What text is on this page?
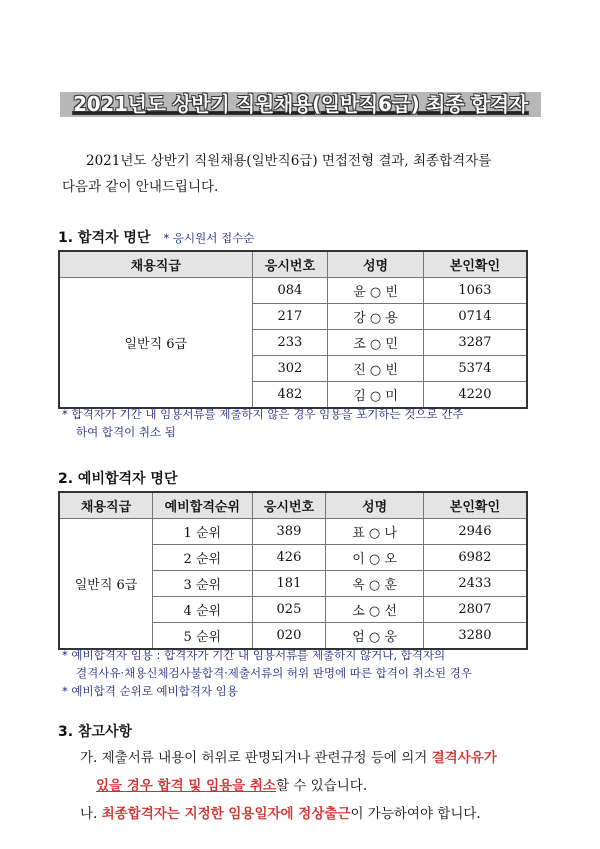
2021년도 상반기 직원채용(일반직6급) 최종 합격자
2021년도 상반기 직원채용(일반직6급) 면접전형 결과, 최종합격자를
다음과 같이 안내드립니다.
1. 합격자 명단 * 응시원서 접수순
채용직급	응시번호	성명	본인확인
일반직 6급	084	윤 ○ 빈	1063
	217	강 ○ 용	0714
	233	조 ○ 민	3287
	302	진 ○ 빈	5374
	482	김 ○ 미	4220
* 합격자가 기간 내 임용서류를 제출하지 않은 경우 임용을 포기하는 것으로 간주
하여 합격이 취소 됨
2. 예비합격자 명단
채용직급	예비합격순위	응시번호	성명	본인확인
일반직 6급	1 순위	389	표 ○ 나	2946
	2 순위	426	이 ○ 오	6982
	3 순위	181	옥 ○ 훈	2433
	4 순위	025	소 ○ 선	2807
	5 순위	020	엄 ○ 웅	3280
* 예비합격자 임용 : 합격자가 기간 내 임용서류를 제출하지 않거나, 합격자의
결격사유·채용신체검사불합격·제출서류의 허위 판명에 따른 합격이 취소된 경우
* 예비합격 순위로 예비합격자 임용
3. 참고사항
가. 제출서류 내용이 허위로 판명되거나 관련규정 등에 의거 결격사유가
있을 경우 합격 및 임용을 취소할 수 있습니다.
나. 최종합격자는 지정한 임용일자에 정상출근이 가능하여야 합니다.
